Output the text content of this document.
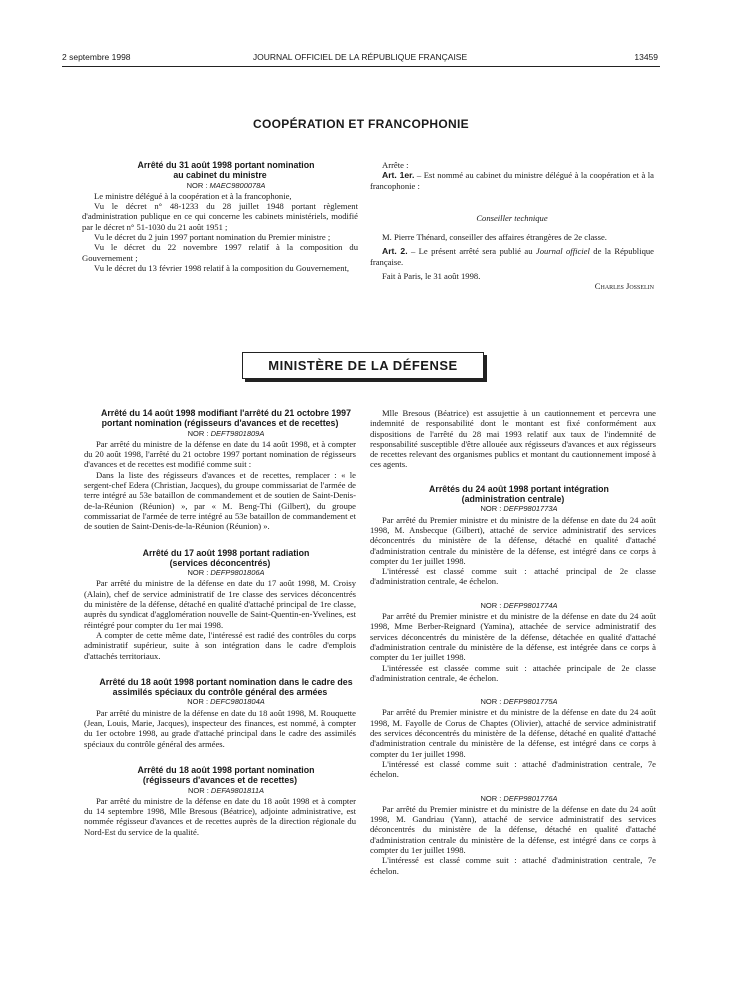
2 septembre 1998	JOURNAL OFFICIEL DE LA RÉPUBLIQUE FRANÇAISE	13459
COOPÉRATION ET FRANCOPHONIE

Arrêté du 31 août 1998 portant nomination au cabinet du ministre

NOR : MAEC9800078A

Le ministre délégué à la coopération et à la francophonie,

Vu le décret n° 48-1233 du 28 juillet 1948 portant règlement d'administration publique en ce qui concerne les cabinets ministériels, modifié par le décret n° 51-1030 du 21 août 1951 ;

Vu le décret du 2 juin 1997 portant nomination du Premier ministre ;

Vu le décret du 22 novembre 1997 relatif à la composition du Gouvernement ;

Vu le décret du 13 février 1998 relatif à la composition du Gouvernement,

Arrête :

Art. 1er. – Est nommé au cabinet du ministre délégué à la coopération et à la francophonie :

Conseiller technique

M. Pierre Thénard, conseiller des affaires étrangères de 2e classe.

Art. 2. – Le présent arrêté sera publié au Journal officiel de la République française.

Fait à Paris, le 31 août 1998.

Charles Josselin

MINISTÈRE DE LA DÉFENSE

Arrêté du 14 août 1998 modifiant l'arrêté du 21 octobre 1997 portant nomination (régisseurs d'avances et de recettes)

NOR : DEFT9801809A

Par arrêté du ministre de la défense en date du 14 août 1998, et à compter du 20 août 1998, l'arrêté du 21 octobre 1997 portant nomination de régisseurs d'avances et de recettes est modifié comme suit :

Dans la liste des régisseurs d'avances et de recettes, remplacer : « le sergent-chef Edera (Christian, Jacques), du groupe commissariat de l'armée de terre intégré au 53e bataillon de commandement et de soutien de Saint-Denis-de-la-Réunion (Réunion) », par « M. Beng-Thi (Gilbert), du groupe commissariat de l'armée de terre intégré au 53e bataillon de commandement et de soutien de Saint-Denis-de-la-Réunion (Réunion) ».

Arrêté du 17 août 1998 portant radiation (services déconcentrés)

NOR : DEFP9801806A

Par arrêté du ministre de la défense en date du 17 août 1998, M. Croisy (Alain), chef de service administratif de 1re classe des services déconcentrés du ministère de la défense, détaché en qualité d'attaché principal de 1re classe, auprès du syndicat d'agglomération nouvelle de Saint-Quentin-en-Yvelines, est réintégré pour compter du 1er mai 1998.

A compter de cette même date, l'intéressé est radié des contrôles du corps administratif supérieur, suite à son intégration dans le cadre d'emplois d'attachés territoriaux.

Arrêté du 18 août 1998 portant nomination dans le cadre des assimilés spéciaux du contrôle général des armées

NOR : DEFC9801804A

Par arrêté du ministre de la défense en date du 18 août 1998, M. Rouquette (Jean, Louis, Marie, Jacques), inspecteur des finances, est nommé, à compter du 1er octobre 1998, au grade d'attaché principal dans le cadre des assimilés spéciaux du contrôle général des armées.

Arrêté du 18 août 1998 portant nomination (régisseurs d'avances et de recettes)

NOR : DEFA9801811A

Par arrêté du ministre de la défense en date du 18 août 1998 et à compter du 14 septembre 1998, Mlle Bresous (Béatrice), adjointe administrative, est nommée régisseur d'avances et de recettes auprès de la direction régionale du Nord-Est du service de la qualité.

Mlle Bresous (Béatrice) est assujettie à un cautionnement et percevra une indemnité de responsabilité dont le montant est fixé conformément aux dispositions de l'arrêté du 28 mai 1993 relatif aux taux de l'indemnité de responsabilité susceptible d'être allouée aux régisseurs d'avances et aux régisseurs de recettes relevant des organismes publics et montant du cautionnement imposé à ces agents.

Arrêtés du 24 août 1998 portant intégration (administration centrale)

NOR : DEFP9801773A

Par arrêté du Premier ministre et du ministre de la défense en date du 24 août 1998, M. Ansbecque (Gilbert), attaché de service administratif des services déconcentrés du ministère de la défense, détaché en qualité d'attaché d'administration centrale du ministère de la défense, est intégré dans ce corps à compter du 1er juillet 1998.

L'intéressé est classé comme suit : attaché principal de 2e classe d'administration centrale, 4e échelon.

NOR : DEFP9801774A

Par arrêté du Premier ministre et du ministre de la défense en date du 24 août 1998, Mme Berber-Reignard (Yamina), attachée de service administratif des services déconcentrés du ministère de la défense, détachée en qualité d'attaché d'administration centrale du ministère de la défense, est intégrée dans ce corps à compter du 1er juillet 1998.

L'intéressée est classée comme suit : attachée principale de 2e classe d'administration centrale, 4e échelon.

NOR : DEFP9801775A

Par arrêté du Premier ministre et du ministre de la défense en date du 24 août 1998, M. Fayolle de Corus de Chaptes (Olivier), attaché de service administratif des services déconcentrés du ministère de la défense, détaché en qualité d'attaché d'administration centrale du ministère de la défense, est intégré dans ce corps à compter du 1er juillet 1998.

L'intéressé est classé comme suit : attaché d'administration centrale, 7e échelon.

NOR : DEFP9801776A

Par arrêté du Premier ministre et du ministre de la défense en date du 24 août 1998, M. Gandriau (Yann), attaché de service administratif des services déconcentrés du ministère de la défense, détaché en qualité d'attaché d'administration centrale du ministère de la défense, est intégré dans ce corps à compter du 1er juillet 1998.

L'intéressé est classé comme suit : attaché d'administration centrale, 7e échelon.
